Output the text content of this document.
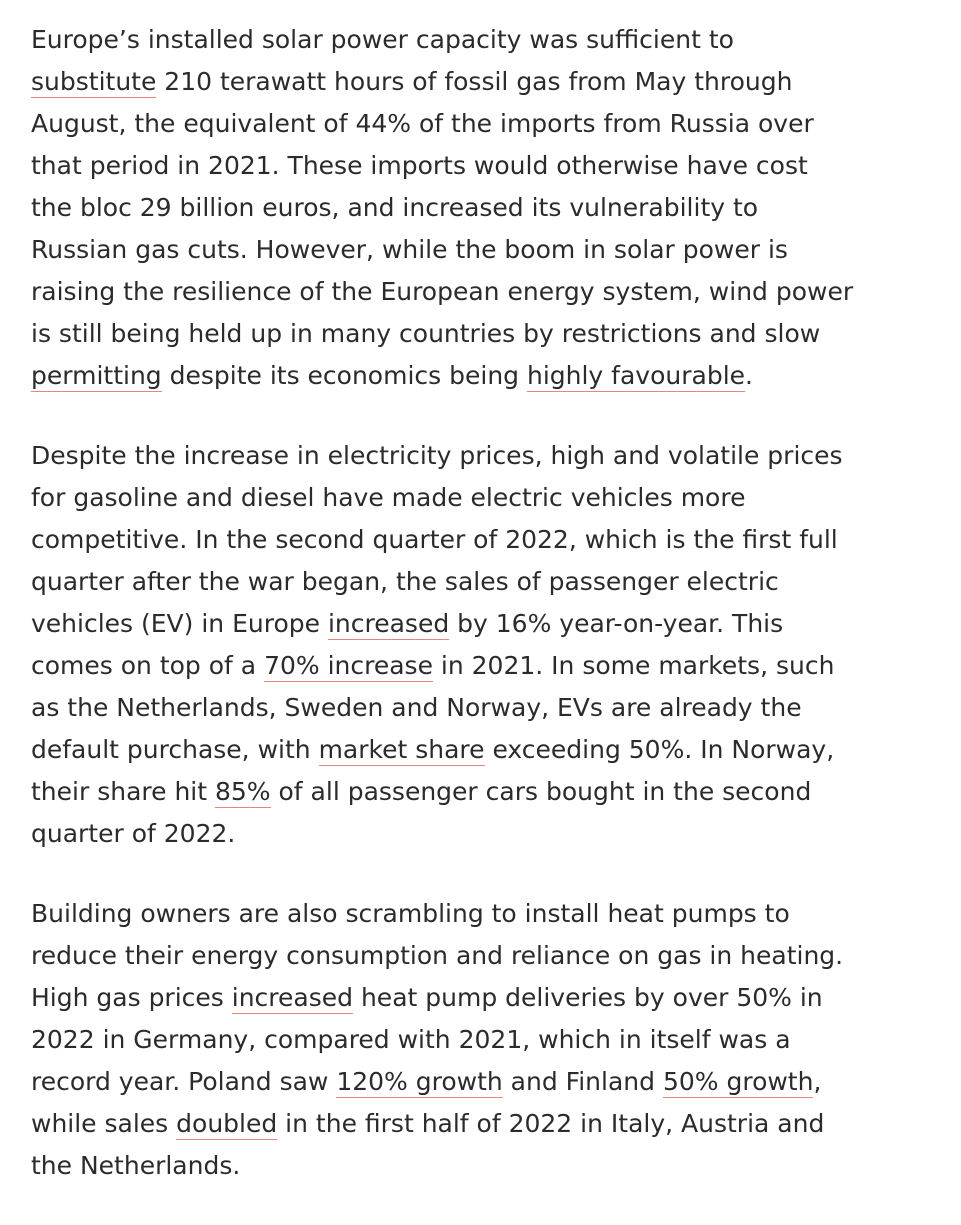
Europe’s installed solar power capacity was sufficient to
substitute 210 terawatt hours of fossil gas from May through
August, the equivalent of 44% of the imports from Russia over
that period in 2021. These imports would otherwise have cost
the bloc 29 billion euros, and increased its vulnerability to
Russian gas cuts. However, while the boom in solar power is
raising the resilience of the European energy system, wind power
is still being held up in many countries by restrictions and slow
permitting despite its economics being highly favourable.

Despite the increase in electricity prices, high and volatile prices
for gasoline and diesel have made electric vehicles more
competitive. In the second quarter of 2022, which is the first full
quarter after the war began, the sales of passenger electric
vehicles (EV) in Europe increased by 16% year-on-year. This
comes on top of a 70% increase in 2021. In some markets, such
as the Netherlands, Sweden and Norway, EVs are already the
default purchase, with market share exceeding 50%. In Norway,
their share hit 85% of all passenger cars bought in the second
quarter of 2022.

Building owners are also scrambling to install heat pumps to
reduce their energy consumption and reliance on gas in heating.
High gas prices increased heat pump deliveries by over 50% in
2022 in Germany, compared with 2021, which in itself was a
record year. Poland saw 120% growth and Finland 50% growth,
while sales doubled in the first half of 2022 in Italy, Austria and
the Netherlands.
